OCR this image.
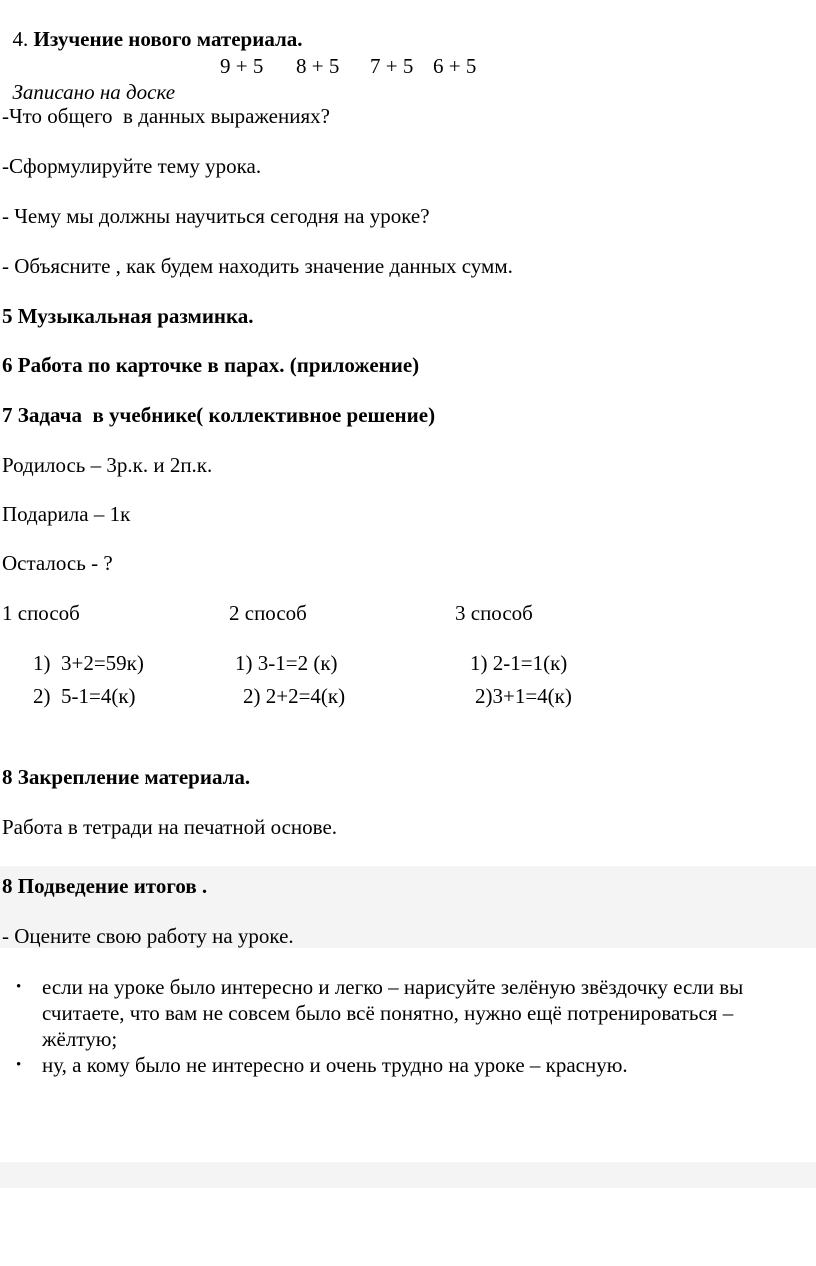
4. Изучение нового материала.

Записано на доске

9 + 5 8 + 5 7 + 5 6 + 5
-Что общего  в данных выражениях?
-Сформулируйте тему урока.
- Чему мы должны научиться сегодня на уроке?
- Объясните , как будем находить значение данных сумм.
5 Музыкальная разминка.
6 Работа по карточке в парах. (приложение)
7 Задача  в учебнике( коллективное решение)
Родилось – 3р.к. и 2п.к.
Подарила – 1к
Осталось - ?
1 способ	2 способ	3 способ
1)  3+2=59к)
2)  5-1=4(к)
1) 3-1=2 (к)
2) 2+2=4(к)
1) 2-1=1(к)
2)3+1=4(к)
8 Закрепление материала.
Работа в тетради на печатной основе.
8 Подведение итогов .
- Оцените свою работу на уроке.
• если на уроке было интересно и легко – нарисуйте зелёную звёздочку если вы считаете, что вам не совсем было всё понятно, нужно ещё потренироваться – жёлтую;
• ну, а кому было не интересно и очень трудно на уроке – красную.
